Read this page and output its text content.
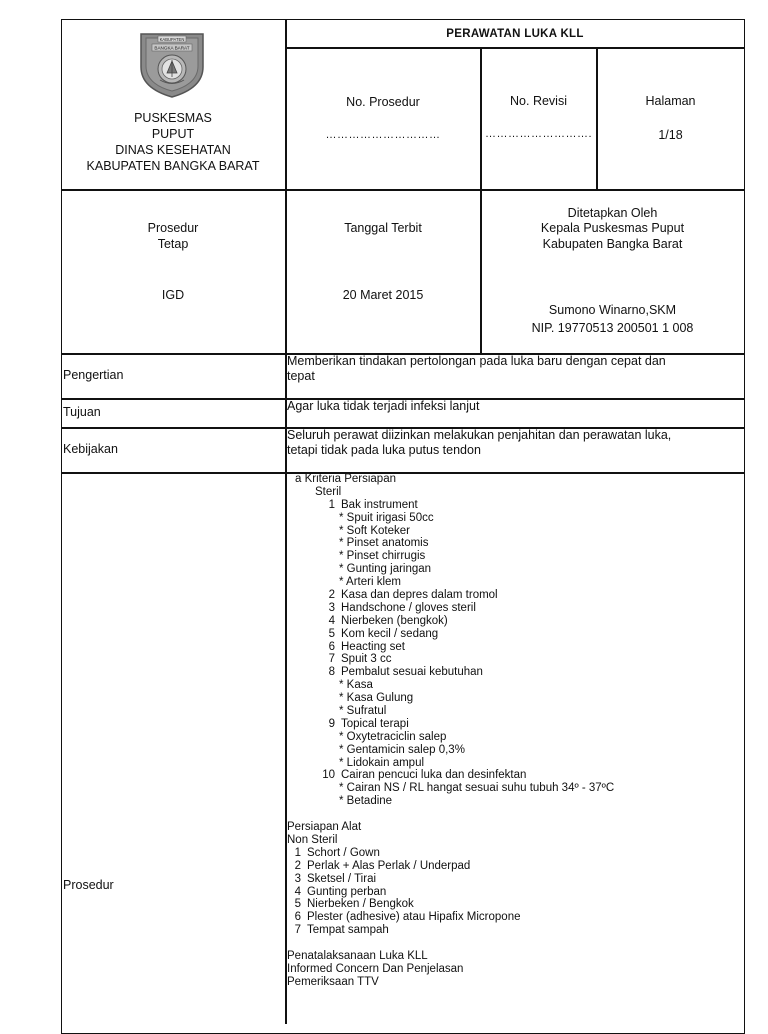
KABUPATEN
BANGKA BARAT
PUSKESMAS
PUPUT
DINAS KESEHATAN
KABUPATEN BANGKA BARAT
PERAWATAN LUKA KLL
No. Prosedur
…………………………
No. Revisi
……………………….
Halaman
1/18
Prosedur
Tetap
IGD
Tanggal Terbit
20 Maret 2015
Ditetapkan Oleh
Kepala Puskesmas Puput
Kabupaten Bangka Barat
Sumono Winarno,SKM
NIP. 19770513 200501 1 008
Pengertian
Memberikan tindakan pertolongan pada luka baru dengan cepat dan
tepat
Tujuan	Agar luka tidak terjadi infeksi lanjut
Kebijakan
Seluruh perawat diizinkan melakukan penjahitan dan perawatan luka,
tetapi tidak pada luka putus tendon
Prosedur
a Kriteria Persiapan
Steril
1 Bak instrument
* Spuit irigasi 50cc
* Soft Koteker
* Pinset anatomis
* Pinset chirrugis
* Gunting jaringan
* Arteri klem
2 Kasa dan depres dalam tromol
3 Handschone / gloves steril
4 Nierbeken (bengkok)
5 Kom kecil / sedang
6 Heacting set
7 Spuit 3 cc
8 Pembalut sesuai kebutuhan
* Kasa
* Kasa Gulung
* Sufratul
9 Topical terapi
* Oxytetraciclin salep
* Gentamicin salep 0,3%
* Lidokain ampul
10 Cairan pencuci luka dan desinfektan
* Cairan NS / RL hangat sesuai suhu tubuh 34º - 37ºC
* Betadine
Persiapan Alat
Non Steril
1 Schort / Gown
2 Perlak + Alas Perlak / Underpad
3 Sketsel / Tirai
4 Gunting perban
5 Nierbeken / Bengkok
6 Plester (adhesive) atau Hipafix Micropone
7 Tempat sampah
Penatalaksanaan Luka KLL
Informed Concern Dan Penjelasan
Pemeriksaan TTV
